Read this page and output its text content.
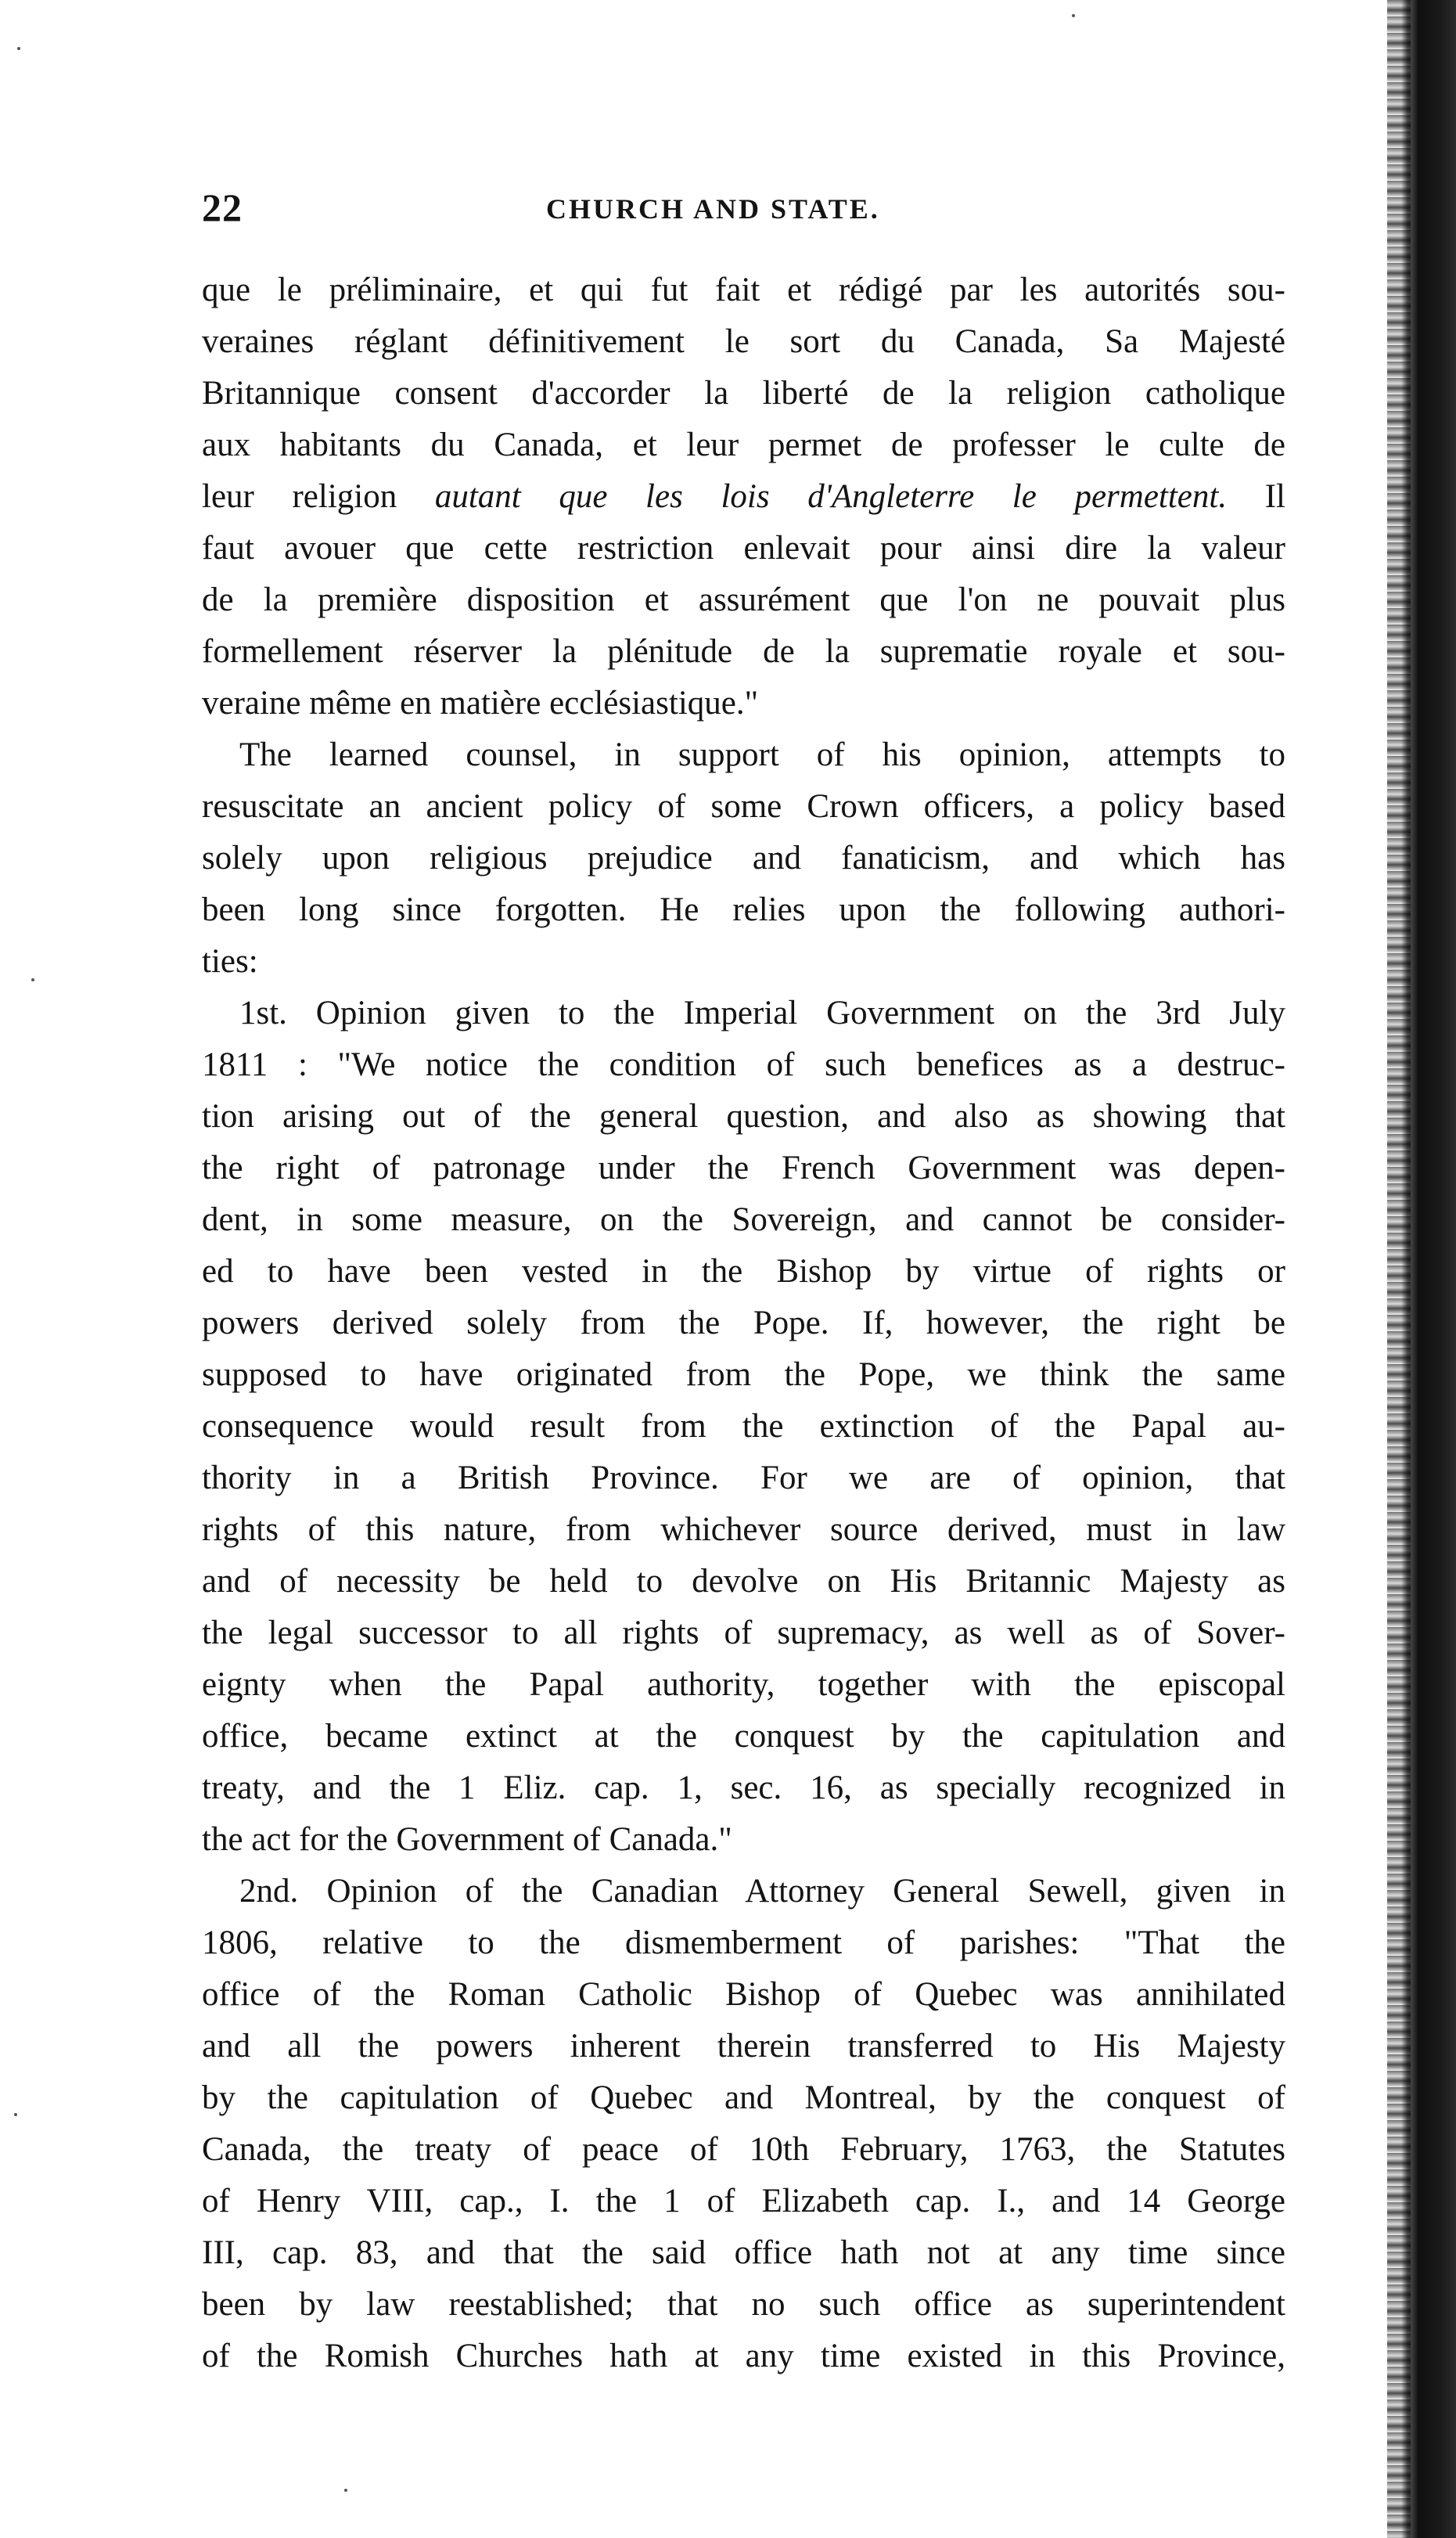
22	CHURCH AND STATE.
que le préliminaire, et qui fut fait et rédigé par les autorités sou-
veraines réglant définitivement le sort du Canada, Sa Majesté
Britannique consent d'accorder la liberté de la religion catholique
aux habitants du Canada, et leur permet de professer le culte de
leur religion autant que les lois d'Angleterre le permettent. Il
faut avouer que cette restriction enlevait pour ainsi dire la valeur
de la première disposition et assurément que l'on ne pouvait plus
formellement réserver la plénitude de la suprematie royale et sou-
veraine même en matière ecclésiastique."
The learned counsel, in support of his opinion, attempts to
resuscitate an ancient policy of some Crown officers, a policy based
solely upon religious prejudice and fanaticism, and which has
been long since forgotten. He relies upon the following authori-
ties:
1st. Opinion given to the Imperial Government on the 3rd July
1811 : "We notice the condition of such benefices as a destruc-
tion arising out of the general question, and also as showing that
the right of patronage under the French Government was depen-
dent, in some measure, on the Sovereign, and cannot be consider-
ed to have been vested in the Bishop by virtue of rights or
powers derived solely from the Pope. If, however, the right be
supposed to have originated from the Pope, we think the same
consequence would result from the extinction of the Papal au-
thority in a British Province. For we are of opinion, that
rights of this nature, from whichever source derived, must in law
and of necessity be held to devolve on His Britannic Majesty as
the legal successor to all rights of supremacy, as well as of Sover-
eignty when the Papal authority, together with the episcopal
office, became extinct at the conquest by the capitulation and
treaty, and the 1 Eliz. cap. 1, sec. 16, as specially recognized in
the act for the Government of Canada."
2nd. Opinion of the Canadian Attorney General Sewell, given in
1806, relative to the dismemberment of parishes: "That the
office of the Roman Catholic Bishop of Quebec was annihilated
and all the powers inherent therein transferred to His Majesty
by the capitulation of Quebec and Montreal, by the conquest of
Canada, the treaty of peace of 10th February, 1763, the Statutes
of Henry VIII, cap., I. the 1 of Elizabeth cap. I., and 14 George
III, cap. 83, and that the said office hath not at any time since
been by law reestablished; that no such office as superintendent
of the Romish Churches hath at any time existed in this Province,
